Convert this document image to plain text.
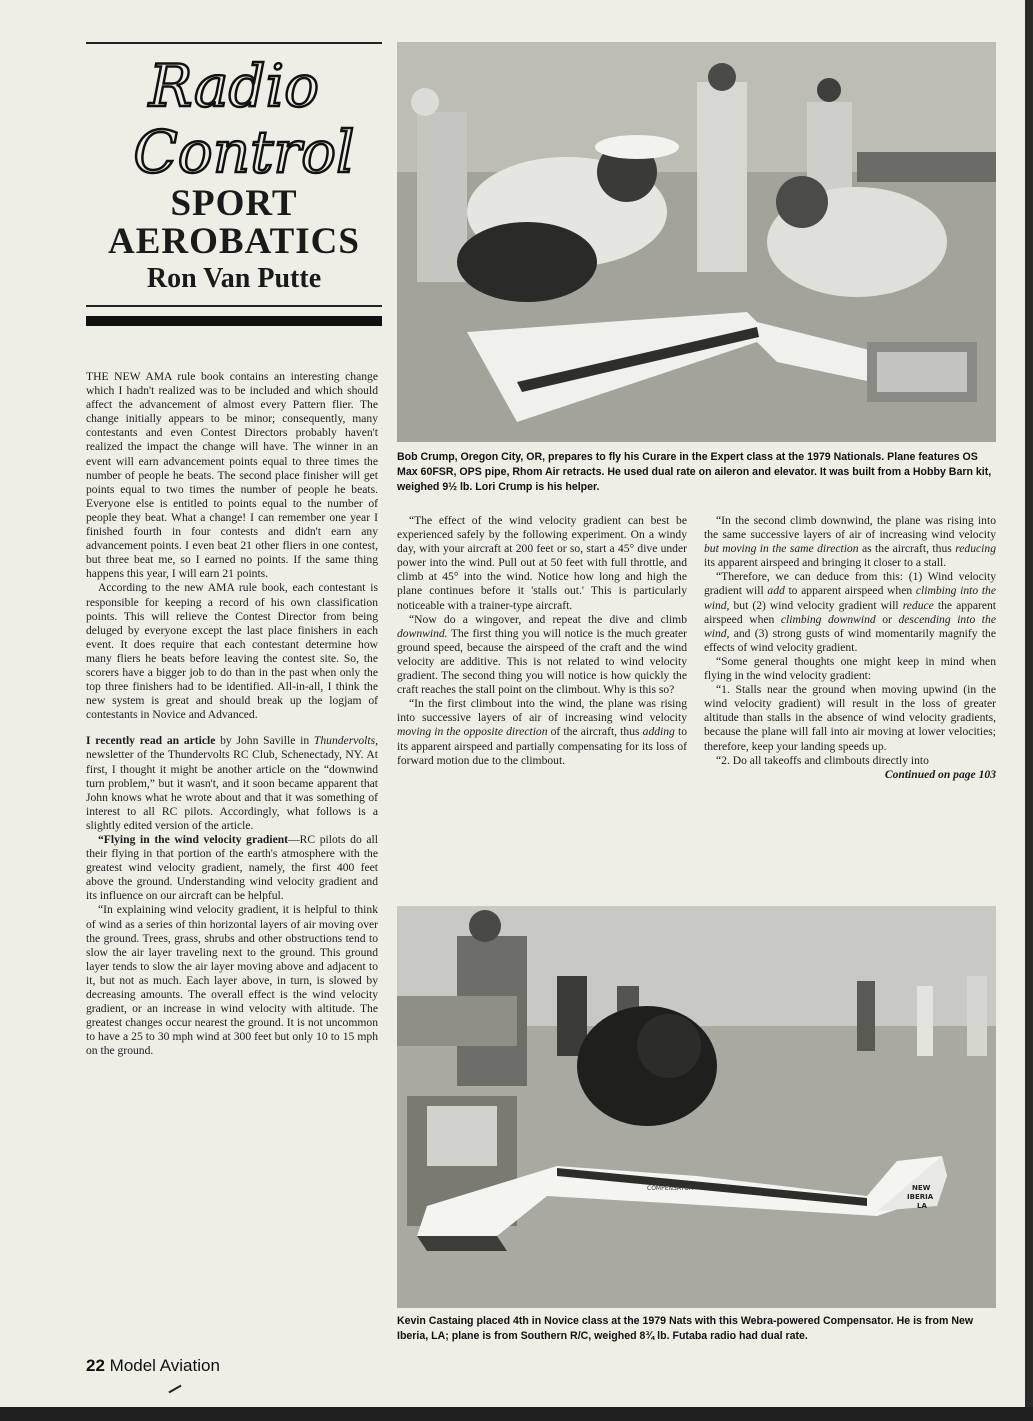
Radio
Control
SPORT
AEROBATICS
Ron Van Putte
Bob Crump, Oregon City, OR, prepares to fly his Curare in the Expert class at the 1979 Nationals. Plane features OS Max 60FSR, OPS pipe, Rhom Air retracts. He used dual rate on aileron and elevator. It was built from a Hobby Barn kit, weighed 9½ lb. Lori Crump is his helper.

THE NEW AMA rule book contains an interesting change which I hadn't realized was to be included and which should affect the advancement of almost every Pattern flier. The change initially appears to be minor; consequently, many contestants and even Contest Directors probably haven't realized the impact the change will have. The winner in an event will earn advancement points equal to three times the number of people he beats. The second place finisher will get points equal to two times the number of people he beats. Everyone else is entitled to points equal to the number of people they beat. What a change! I can remember one year I finished fourth in four contests and didn't earn any advancement points. I even beat 21 other fliers in one contest, but three beat me, so I earned no points. If the same thing happens this year, I will earn 21 points.

According to the new AMA rule book, each contestant is responsible for keeping a record of his own classification points. This will relieve the Contest Director from being deluged by everyone except the last place finishers in each event. It does require that each contestant determine how many fliers he beats before leaving the contest site. So, the scorers have a bigger job to do than in the past when only the top three finishers had to be identified. All-in-all, I think the new system is great and should break up the logjam of contestants in Novice and Advanced.

I recently read an article by John Saville in Thundervolts, newsletter of the Thundervolts RC Club, Schenectady, NY. At first, I thought it might be another article on the “downwind turn problem,” but it wasn't, and it soon became apparent that John knows what he wrote about and that it was something of interest to all RC pilots. Accordingly, what follows is a slightly edited version of the article.

“Flying in the wind velocity gradient—RC pilots do all their flying in that portion of the earth's atmosphere with the greatest wind velocity gradient, namely, the first 400 feet above the ground. Understanding wind velocity gradient and its influence on our aircraft can be helpful.

“In explaining wind velocity gradient, it is helpful to think of wind as a series of thin horizontal layers of air moving over the ground. Trees, grass, shrubs and other obstructions tend to slow the air layer traveling next to the ground. This ground layer tends to slow the air layer moving above and adjacent to it, but not as much. Each layer above, in turn, is slowed by decreasing amounts. The overall effect is the wind velocity gradient, or an increase in wind velocity with altitude. The greatest changes occur nearest the ground. It is not uncommon to have a 25 to 30 mph wind at 300 feet but only 10 to 15 mph on the ground.

“The effect of the wind velocity gradient can best be experienced safely by the following experiment. On a windy day, with your aircraft at 200 feet or so, start a 45° dive under power into the wind. Pull out at 50 feet with full throttle, and climb at 45° into the wind. Notice how long and high the plane continues before it 'stalls out.' This is particularly noticeable with a trainer-type aircraft.

“Now do a wingover, and repeat the dive and climb downwind. The first thing you will notice is the much greater ground speed, because the airspeed of the craft and the wind velocity are additive. This is not related to wind velocity gradient. The second thing you will notice is how quickly the craft reaches the stall point on the climbout. Why is this so?

“In the first climbout into the wind, the plane was rising into successive layers of air of increasing wind velocity moving in the opposite direction of the aircraft, thus adding to its apparent airspeed and partially compensating for its loss of forward motion due to the climbout.

“In the second climb downwind, the plane was rising into the same successive layers of air of increasing wind velocity but moving in the same direction as the aircraft, thus reducing its apparent airspeed and bringing it closer to a stall.

“Therefore, we can deduce from this: (1) Wind velocity gradient will add to apparent airspeed when climbing into the wind, but (2) wind velocity gradient will reduce the apparent airspeed when climbing downwind or descending into the wind, and (3) strong gusts of wind momentarily magnify the effects of wind velocity gradient.

“Some general thoughts one might keep in mind when flying in the wind velocity gradient:

“1. Stalls near the ground when moving upwind (in the wind velocity gradient) will result in the loss of greater altitude than stalls in the absence of wind velocity gradients, because the plane will fall into air moving at lower velocities; therefore, keep your landing speeds up.

“2. Do all takeoffs and climbouts directly into

Continued on page 103
NEW
IBERIA
LA
COMPENSATOR
Kevin Castaing placed 4th in Novice class at the 1979 Nats with this Webra-powered Compensator. He is from New Iberia, LA; plane is from Southern R/C, weighed 8¾ lb. Futaba radio had dual rate.
22 Model Aviation
